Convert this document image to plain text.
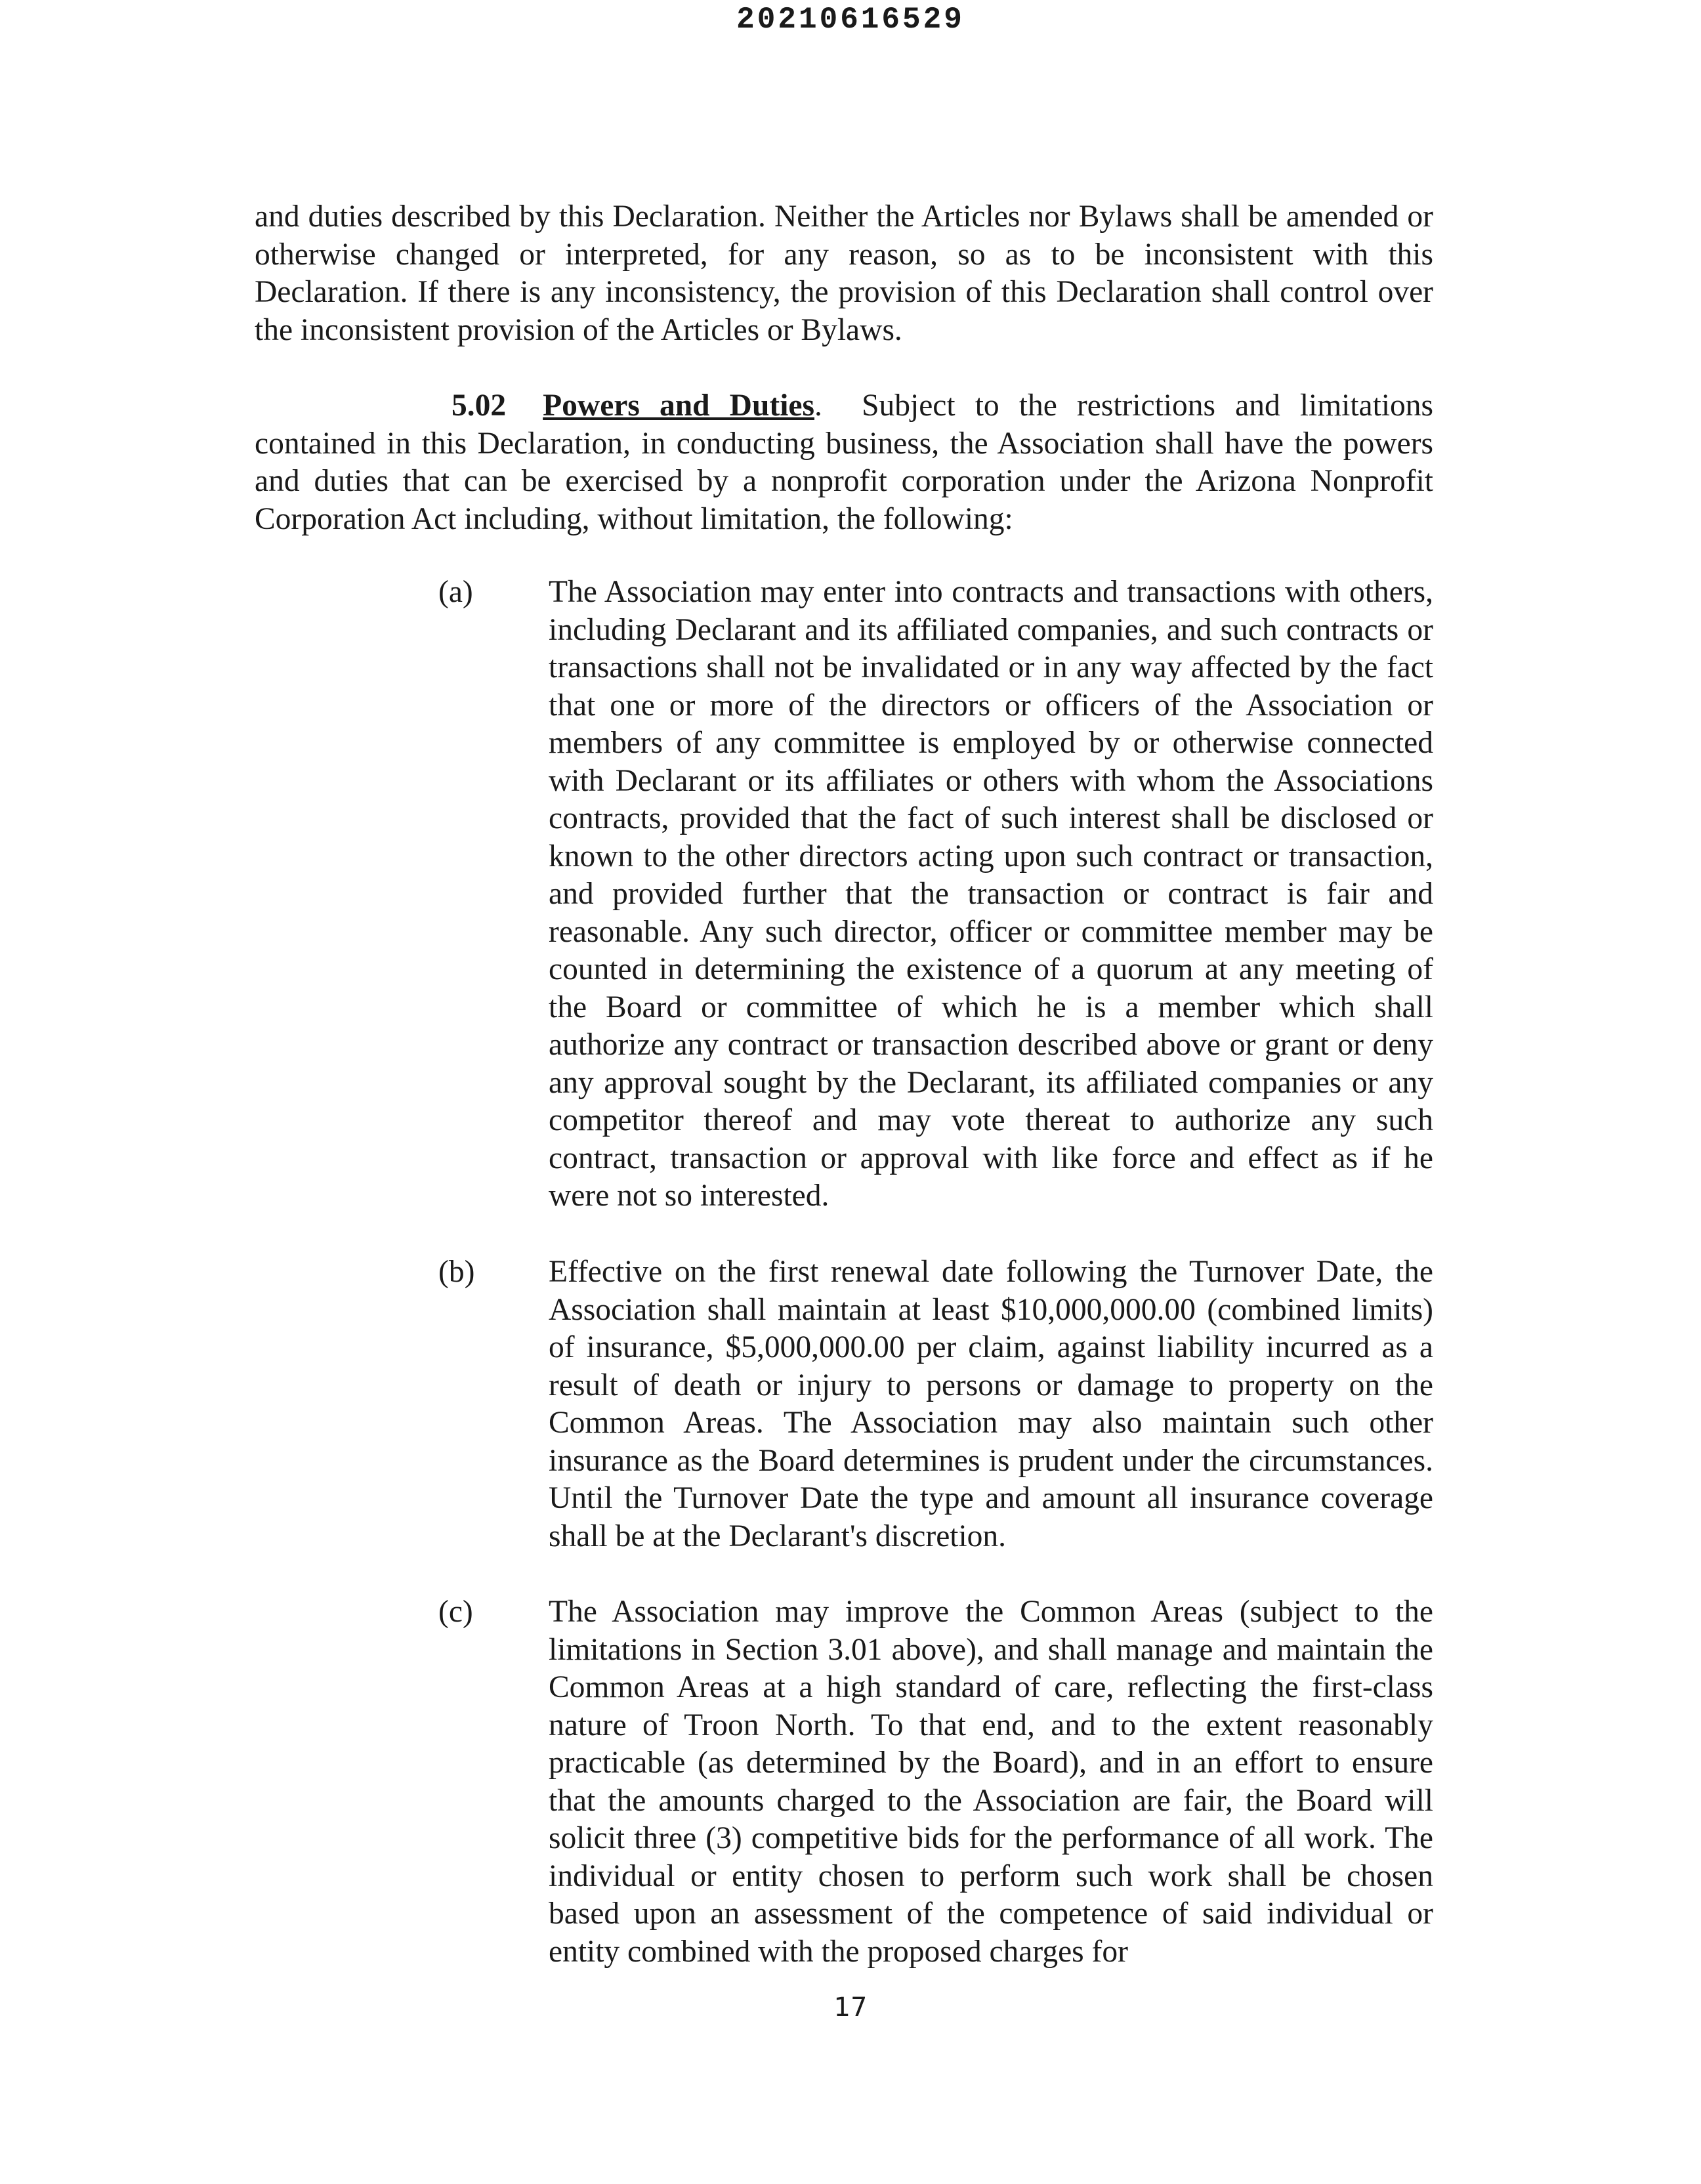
20210616529

and duties described by this Declaration. Neither the Articles nor Bylaws shall be amended or otherwise changed or interpreted, for any reason, so as to be inconsistent with this Declaration. If there is any inconsistency, the provision of this Declaration shall control over the inconsistent provision of the Articles or Bylaws.

5.02 Powers and Duties.  Subject to the restrictions and limitations contained in this Declaration, in conducting business, the Association shall have the powers and duties that can be exercised by a nonprofit corporation under the Arizona Nonprofit Corporation Act including, without limitation, the following:

(a)	The Association may enter into contracts and transactions with others, including Declarant and its affiliated companies, and such contracts or transactions shall not be invalidated or in any way affected by the fact that one or more of the directors or officers of the Association or members of any committee is employed by or otherwise connected with Declarant or its affiliates or others with whom the Associations contracts, provided that the fact of such interest shall be disclosed or known to the other directors acting upon such contract or transaction, and provided further that the transaction or contract is fair and reasonable. Any such director, officer or committee member may be counted in determining the existence of a quorum at any meeting of the Board or committee of which he is a member which shall authorize any contract or transaction described above or grant or deny any approval sought by the Declarant, its affiliated companies or any competitor thereof and may vote thereat to authorize any such contract, transaction or approval with like force and effect as if he were not so interested.

(b)	Effective on the first renewal date following the Turnover Date, the Association shall maintain at least $10,000,000.00 (combined limits) of insurance, $5,000,000.00 per claim, against liability incurred as a result of death or injury to persons or damage to property on the Common Areas. The Association may also maintain such other insurance as the Board determines is prudent under the circumstances. Until the Turnover Date the type and amount all insurance coverage shall be at the Declarant's discretion.

(c)	The Association may improve the Common Areas (subject to the limitations in Section 3.01 above), and shall manage and maintain the Common Areas at a high standard of care, reflecting the first-class nature of Troon North. To that end, and to the extent reasonably practicable (as determined by the Board), and in an effort to ensure that the amounts charged to the Association are fair, the Board will solicit three (3) competitive bids for the performance of all work. The individual or entity chosen to perform such work shall be chosen based upon an assessment of the competence of said individual or entity combined with the proposed charges for

17
